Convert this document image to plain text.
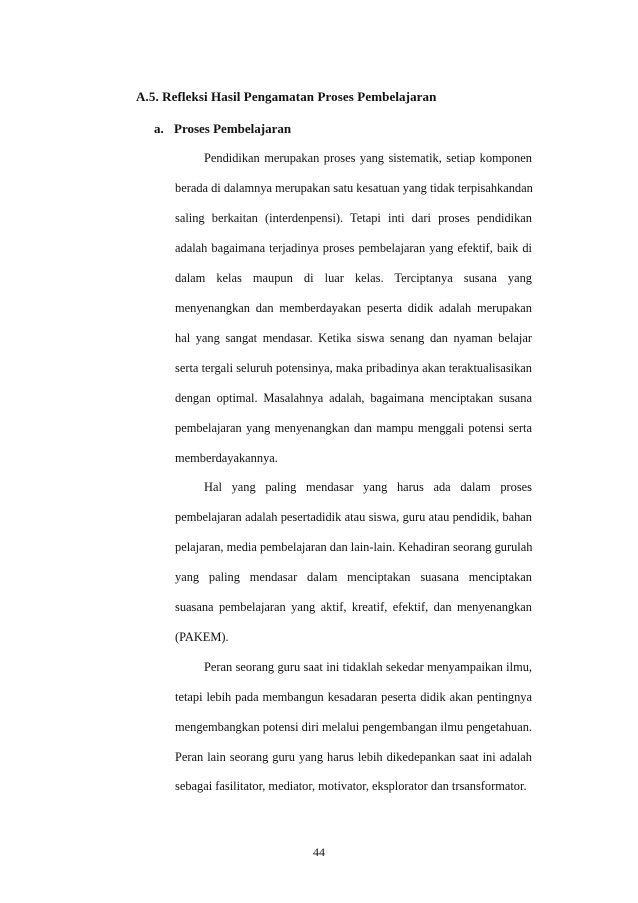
A.5. Refleksi Hasil Pengamatan Proses Pembelajaran
a. Proses Pembelajaran
Pendidikan merupakan proses yang sistematik, setiap komponen
berada di dalamnya merupakan satu kesatuan yang tidak terpisahkandan
saling berkaitan (interdenpensi). Tetapi inti dari proses pendidikan
adalah bagaimana terjadinya proses pembelajaran yang efektif, baik di
dalam kelas maupun di luar kelas. Terciptanya susana yang
menyenangkan dan memberdayakan peserta didik adalah merupakan
hal yang sangat mendasar. Ketika siswa senang dan nyaman belajar
serta tergali seluruh potensinya, maka pribadinya akan teraktualisasikan
dengan optimal. Masalahnya adalah, bagaimana menciptakan susana
pembelajaran yang menyenangkan dan mampu menggali potensi serta
memberdayakannya.
Hal yang paling mendasar yang harus ada dalam proses
pembelajaran adalah pesertadidik atau siswa, guru atau pendidik, bahan
pelajaran, media pembelajaran dan lain-lain. Kehadiran seorang gurulah
yang paling mendasar dalam menciptakan suasana menciptakan
suasana pembelajaran yang aktif, kreatif, efektif, dan menyenangkan
(PAKEM).
Peran seorang guru saat ini tidaklah sekedar menyampaikan ilmu,
tetapi lebih pada membangun kesadaran peserta didik akan pentingnya
mengembangkan potensi diri melalui pengembangan ilmu pengetahuan.
Peran lain seorang guru yang harus lebih dikedepankan saat ini adalah
sebagai fasilitator, mediator, motivator, eksplorator dan trsansformator.
44
